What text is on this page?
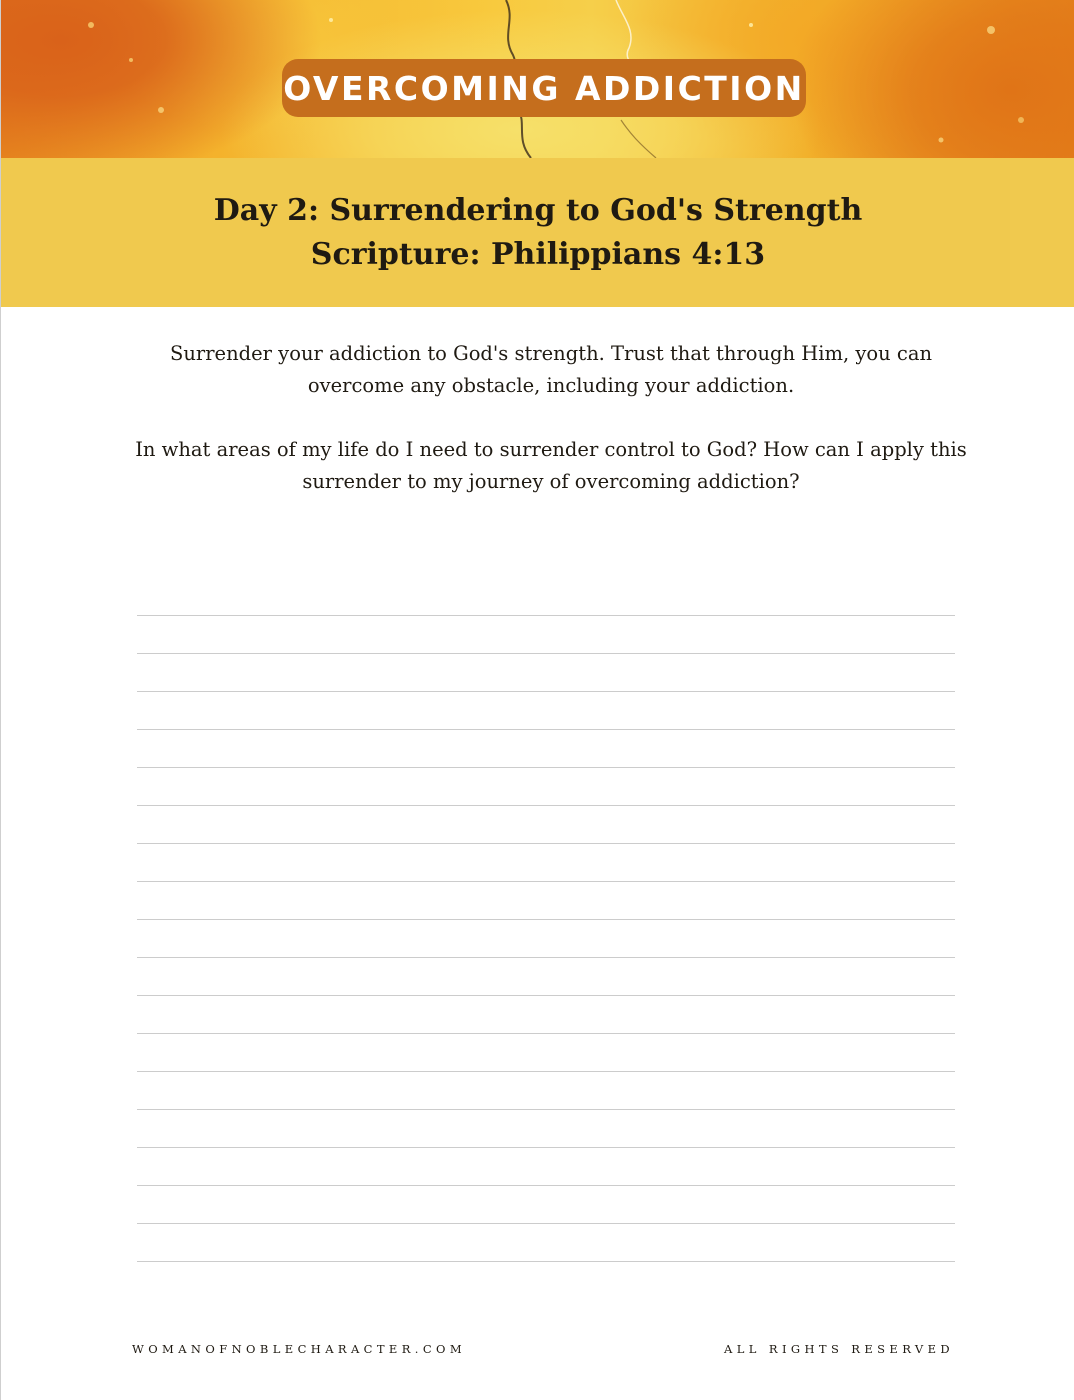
OVERCOMING ADDICTION
Day 2: Surrendering to God's Strength
Scripture: Philippians 4:13
Surrender your addiction to God's strength. Trust that through Him, you can overcome any obstacle, including your addiction.
In what areas of my life do I need to surrender control to God? How can I apply this surrender to my journey of overcoming addiction?
WOMANOFNOBLECHARACTER.COM	ALL RIGHTS RESERVED
